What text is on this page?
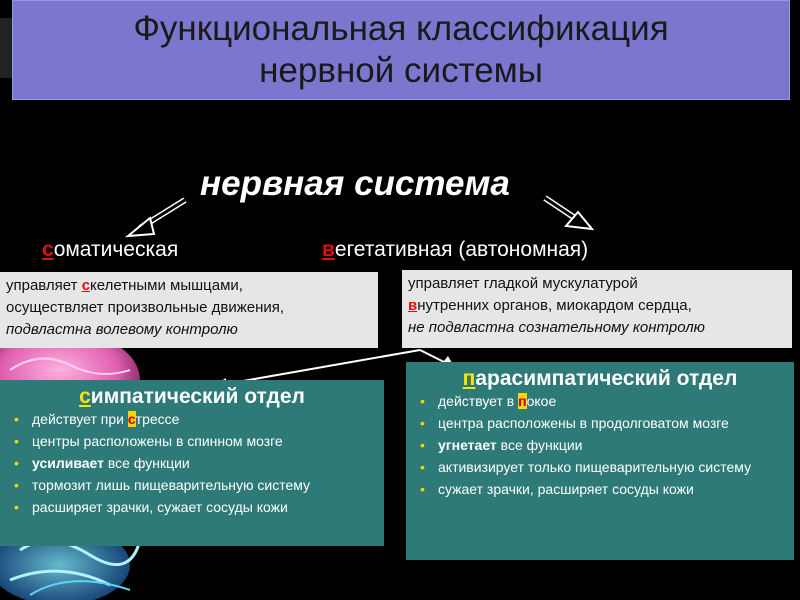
Функциональная классификация
нервной системы
нервная система
соматическая	вегетативная (автономная)
управляет скелетными мышцами,
осуществляет произвольные движения,
подвластна волевому контролю
управляет гладкой мускулатурой
внутренних органов, миокардом сердца,
не подвластна сознательному контролю
симпатический отдел
• действует при стрессе
• центры расположены в спинном мозге
• усиливает все функции
• тормозит лишь пищеварительную систему
• расширяет зрачки, сужает сосуды кожи
парасимпатический отдел
• действует в покое
• центра расположены в продолговатом мозге
• угнетает все функции
• активизирует только пищеварительную систему
• сужает зрачки, расширяет сосуды кожи
